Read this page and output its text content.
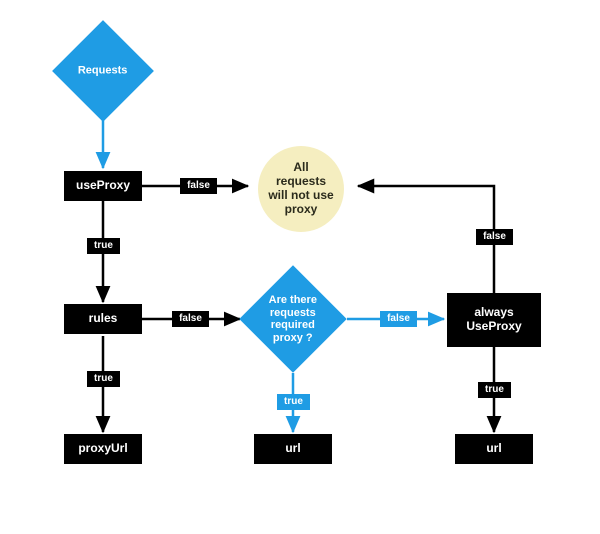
Requests
useProxy
rules
proxyUrl
All requests will not use proxy
Are there requests required proxy ?
url
always UseProxy
url
false
true
false
true
false
true
false
true
